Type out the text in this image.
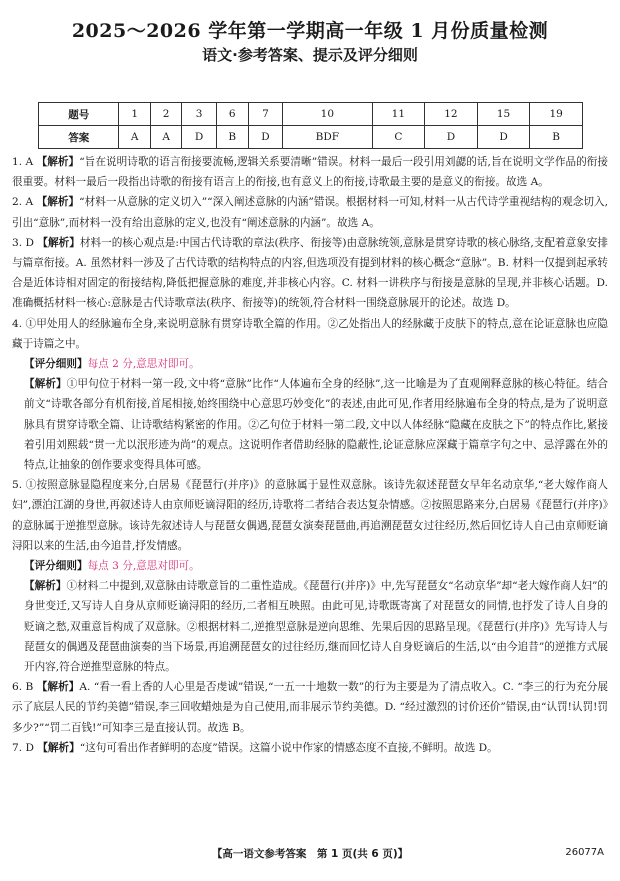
2025～2026 学年第一学期高一年级 1 月份质量检测
语文·参考答案、提示及评分细则
题号	1	2	3	6	7	10	11	12	15	19
答案	A	A	D	B	D	BDF	C	D	D	B

1. A 【解析】“旨在说明诗歌的语言衔接要流畅,逻辑关系要清晰”错误。材料一最后一段引用刘勰的话,旨在说明文学作品的衔接很重要。材料一最后一段指出诗歌的衔接有语言上的衔接,也有意义上的衔接,诗歌最主要的是意义的衔接。故选 A。

2. A 【解析】“材料一从意脉的定义切入”“深入阐述意脉的内涵”错误。根据材料一可知,材料一从古代诗学重视结构的观念切入,引出“意脉”,而材料一没有给出意脉的定义,也没有“阐述意脉的内涵”。故选 A。

3. D 【解析】材料一的核心观点是:中国古代诗歌的章法(秩序、衔接等)由意脉统领,意脉是贯穿诗歌的核心脉络,支配着意象安排与篇章衔接。A. 虽然材料一涉及了古代诗歌的结构特点的内容,但选项没有提到材料的核心概念“意脉”。B. 材料一仅提到起承转合是近体诗相对固定的衔接结构,降低把握意脉的难度,并非核心内容。C. 材料一讲秩序与衔接是意脉的呈现,并非核心话题。D. 准确概括材料一核心:意脉是古代诗歌章法(秩序、衔接等)的统领,符合材料一围绕意脉展开的论述。故选 D。

4. ①甲处用人的经脉遍布全身,来说明意脉有贯穿诗歌全篇的作用。②乙处指出人的经脉藏于皮肤下的特点,意在论证意脉也应隐藏于诗篇之中。

【评分细则】每点 2 分,意思对即可。

【解析】①甲句位于材料一第一段,文中将“意脉”比作“人体遍布全身的经脉”,这一比喻是为了直观阐释意脉的核心特征。结合前文“诗歌各部分有机衔接,首尾相接,始终围绕中心意思巧妙变化”的表述,由此可见,作者用经脉遍布全身的特点,是为了说明意脉具有贯穿诗歌全篇、让诗歌结构紧密的作用。②乙句位于材料一第二段,文中以人体经脉“隐藏在皮肤之下”的特点作比,紧接着引用刘熙载“贯一尤以泯形迹为尚”的观点。这说明作者借助经脉的隐蔽性,论证意脉应深藏于篇章字句之中、忌浮露在外的特点,让抽象的创作要求变得具体可感。

5. ①按照意脉显隐程度来分,白居易《琵琶行(并序)》的意脉属于显性双意脉。该诗先叙述琵琶女早年名动京华,“老大嫁作商人妇”,漂泊江湖的身世,再叙述诗人由京师贬谪浔阳的经历,诗歌将二者结合表达复杂情感。②按照思路来分,白居易《琵琶行(并序)》的意脉属于逆推型意脉。该诗先叙述诗人与琵琶女偶遇,琵琶女演奏琵琶曲,再追溯琵琶女过往经历,然后回忆诗人自己由京师贬谪浔阳以来的生活,由今追昔,抒发情感。

【评分细则】每点 3 分,意思对即可。

【解析】①材料二中提到,双意脉由诗歌意旨的二重性造成。《琵琶行(并序)》中,先写琵琶女“名动京华”却“老大嫁作商人妇”的身世变迁,又写诗人自身从京师贬谪浔阳的经历,二者相互映照。由此可见,诗歌既寄寓了对琵琶女的同情,也抒发了诗人自身的贬谪之愁,双重意旨构成了双意脉。②根据材料二,逆推型意脉是逆向思维、先果后因的思路呈现。《琵琶行(并序)》先写诗人与琵琶女的偶遇及琵琶曲演奏的当下场景,再追溯琵琶女的过往经历,继而回忆诗人自身贬谪后的生活,以“由今追昔”的逆推方式展开内容,符合逆推型意脉的特点。

6. B 【解析】A. “看一看上香的人心里是否虔诚”错误,“一五一十地数一数”的行为主要是为了清点收入。C. “李三的行为充分展示了底层人民的节约美德”错误,李三回收蜡烛是为自己使用,而非展示节约美德。D. “经过激烈的讨价还价”错误,由“认罚!认罚!罚多少?”“罚二百钱!”可知李三是直接认罚。故选 B。

7. D 【解析】“这句可看出作者鲜明的态度”错误。这篇小说中作家的情感态度不直接,不鲜明。故选 D。

【高一语文参考答案　第 1 页(共 6 页)】	26077A
